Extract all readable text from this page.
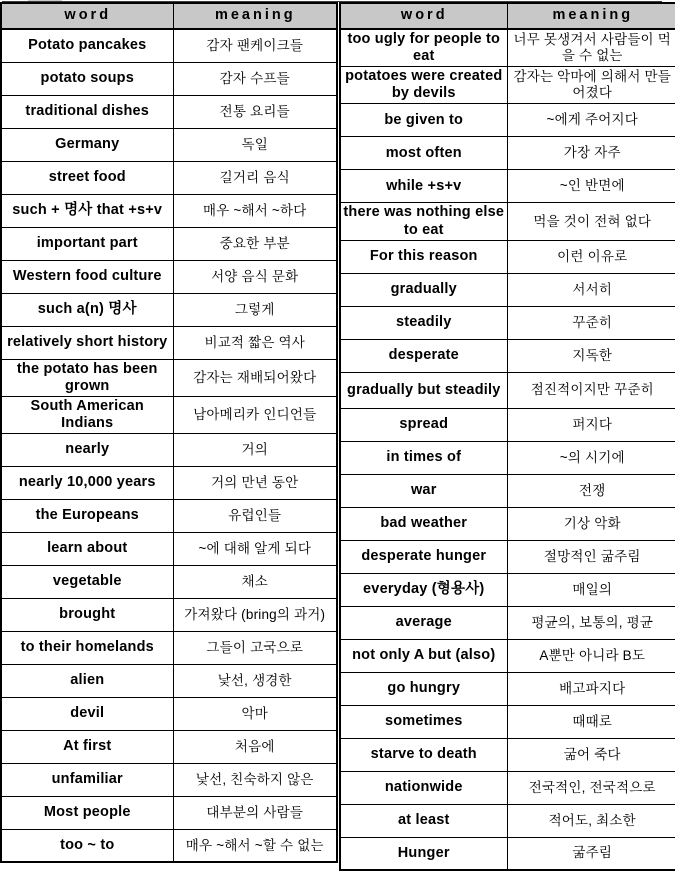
word	meaning
Potato pancakes	감자 팬케이크들
potato soups	감자 수프들
traditional dishes	전통 요리들
Germany	독일
street food	길거리 음식
such + 명사 that +s+v	매우 ~해서 ~하다
important part	중요한 부분
Western food culture	서양 음식 문화
such a(n) 명사	그렇게
relatively short history	비교적 짧은 역사
the potato has been grown	감자는 재배되어왔다
South American Indians	남아메리카 인디언들
nearly	거의
nearly 10,000 years	거의 만년 동안
the Europeans	유럽인들
learn about	~에 대해 알게 되다
vegetable	채소
brought	가져왔다 (bring의 과거)
to their homelands	그들이 고국으로
alien	낯선, 생경한
devil	악마
At first	처음에
unfamiliar	낯선, 친숙하지 않은
Most people	대부분의 사람들
too ~ to	매우 ~해서 ~할 수 없는
word	meaning
too ugly for people to eat	너무 못생겨서 사람들이 먹을 수 없는
potatoes were created by devils	감자는 악마에 의해서 만들어졌다
be given to	~에게 주어지다
most often	가장 자주
while +s+v	~인 반면에
there was nothing else to eat	먹을 것이 전혀 없다
For this reason	이런 이유로
gradually	서서히
steadily	꾸준히
desperate	지독한
gradually but steadily	점진적이지만 꾸준히
spread	퍼지다
in times of	~의 시기에
war	전쟁
bad weather	기상 악화
desperate hunger	절망적인 굶주림
everyday (형용사)	매일의
average	평균의, 보통의, 평균
not only A but (also)	A뿐만 아니라 B도
go hungry	배고파지다
sometimes	때때로
starve to death	굶어 죽다
nationwide	전국적인, 전국적으로
at least	적어도, 최소한
Hunger	굶주림
